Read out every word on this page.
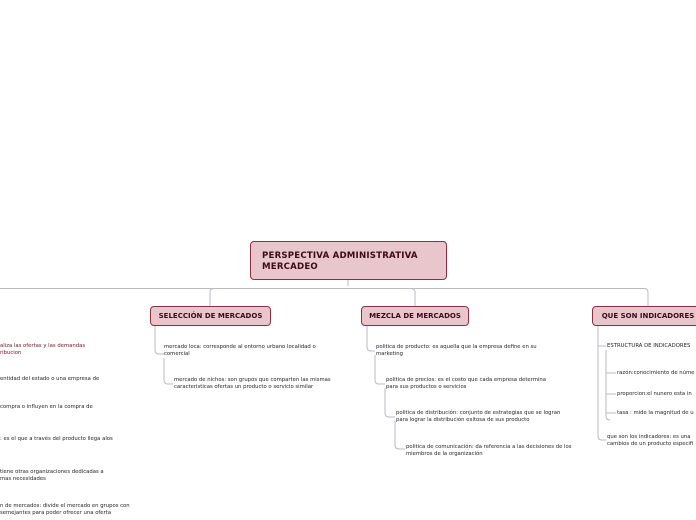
PERSPECTIVA ADMINISTRATIVA
MERCADEO
SELECCIÓN DE MERCADOS	MEZCLA DE MERCADOS	QUE SON INDICADORES
aliza las ofertas y las demandas
ribucion
entidad del estado o una empresa de
compra o influyen en la compra de
: es el que a través del producto llega alos
tiene otras organizaciones dedicadas a
mas necesidades
n de mercados: divide el mercado en grupos con
semejantes para poder ofrecer una oferta
mercado loca: corresponde al entorno urbano localidad o
comercial
mercado de nichos: son grupos que comparten las mismas
caracteristicas ofertas un producto o servicio similar
politica de producto: es aquella que la empresa define en su
marketing
politica de precios: es el costo que cada empresa determina
para sus productos o servicios
politica de distribución: conjunto de estrategias que se logran
para lograr la distribución exitosa de sus producto
politica de comunicación: da referencia a las decisiones de los
miembros de la organización
ESTRUCTURA DE INDICADORES
razón:conocimiento de núme
proporcion:el nunero esta in
tasa : mide la magnitud de u
que son los indicadores: es una
cambios de un producto especifi
